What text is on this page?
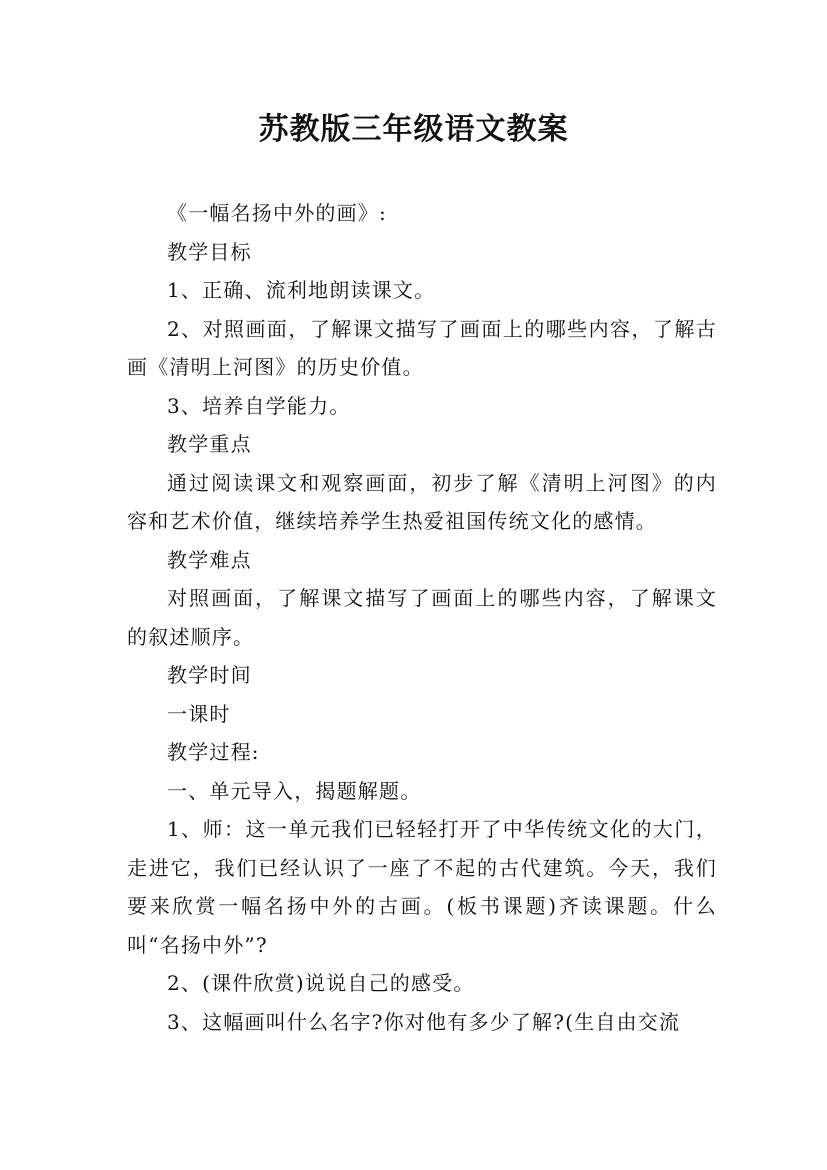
苏教版三年级语文教案

《一幅名扬中外的画》:

教学目标

1、正确、流利地朗读课文。

2、对照画面，了解课文描写了画面上的哪些内容，了解古画《清明上河图》的历史价值。

3、培养自学能力。

教学重点

通过阅读课文和观察画面，初步了解《清明上河图》的内容和艺术价值，继续培养学生热爱祖国传统文化的感情。

教学难点

对照画面，了解课文描写了画面上的哪些内容，了解课文的叙述顺序。

教学时间

一课时

教学过程:

一、单元导入，揭题解题。

1、师：这一单元我们已轻轻打开了中华传统文化的大门，走进它，我们已经认识了一座了不起的古代建筑。今天，我们要来欣赏一幅名扬中外的古画。(板书课题)齐读课题。什么叫“名扬中外”?

2、(课件欣赏)说说自己的感受。

3、这幅画叫什么名字?你对他有多少了解?(生自由交流
